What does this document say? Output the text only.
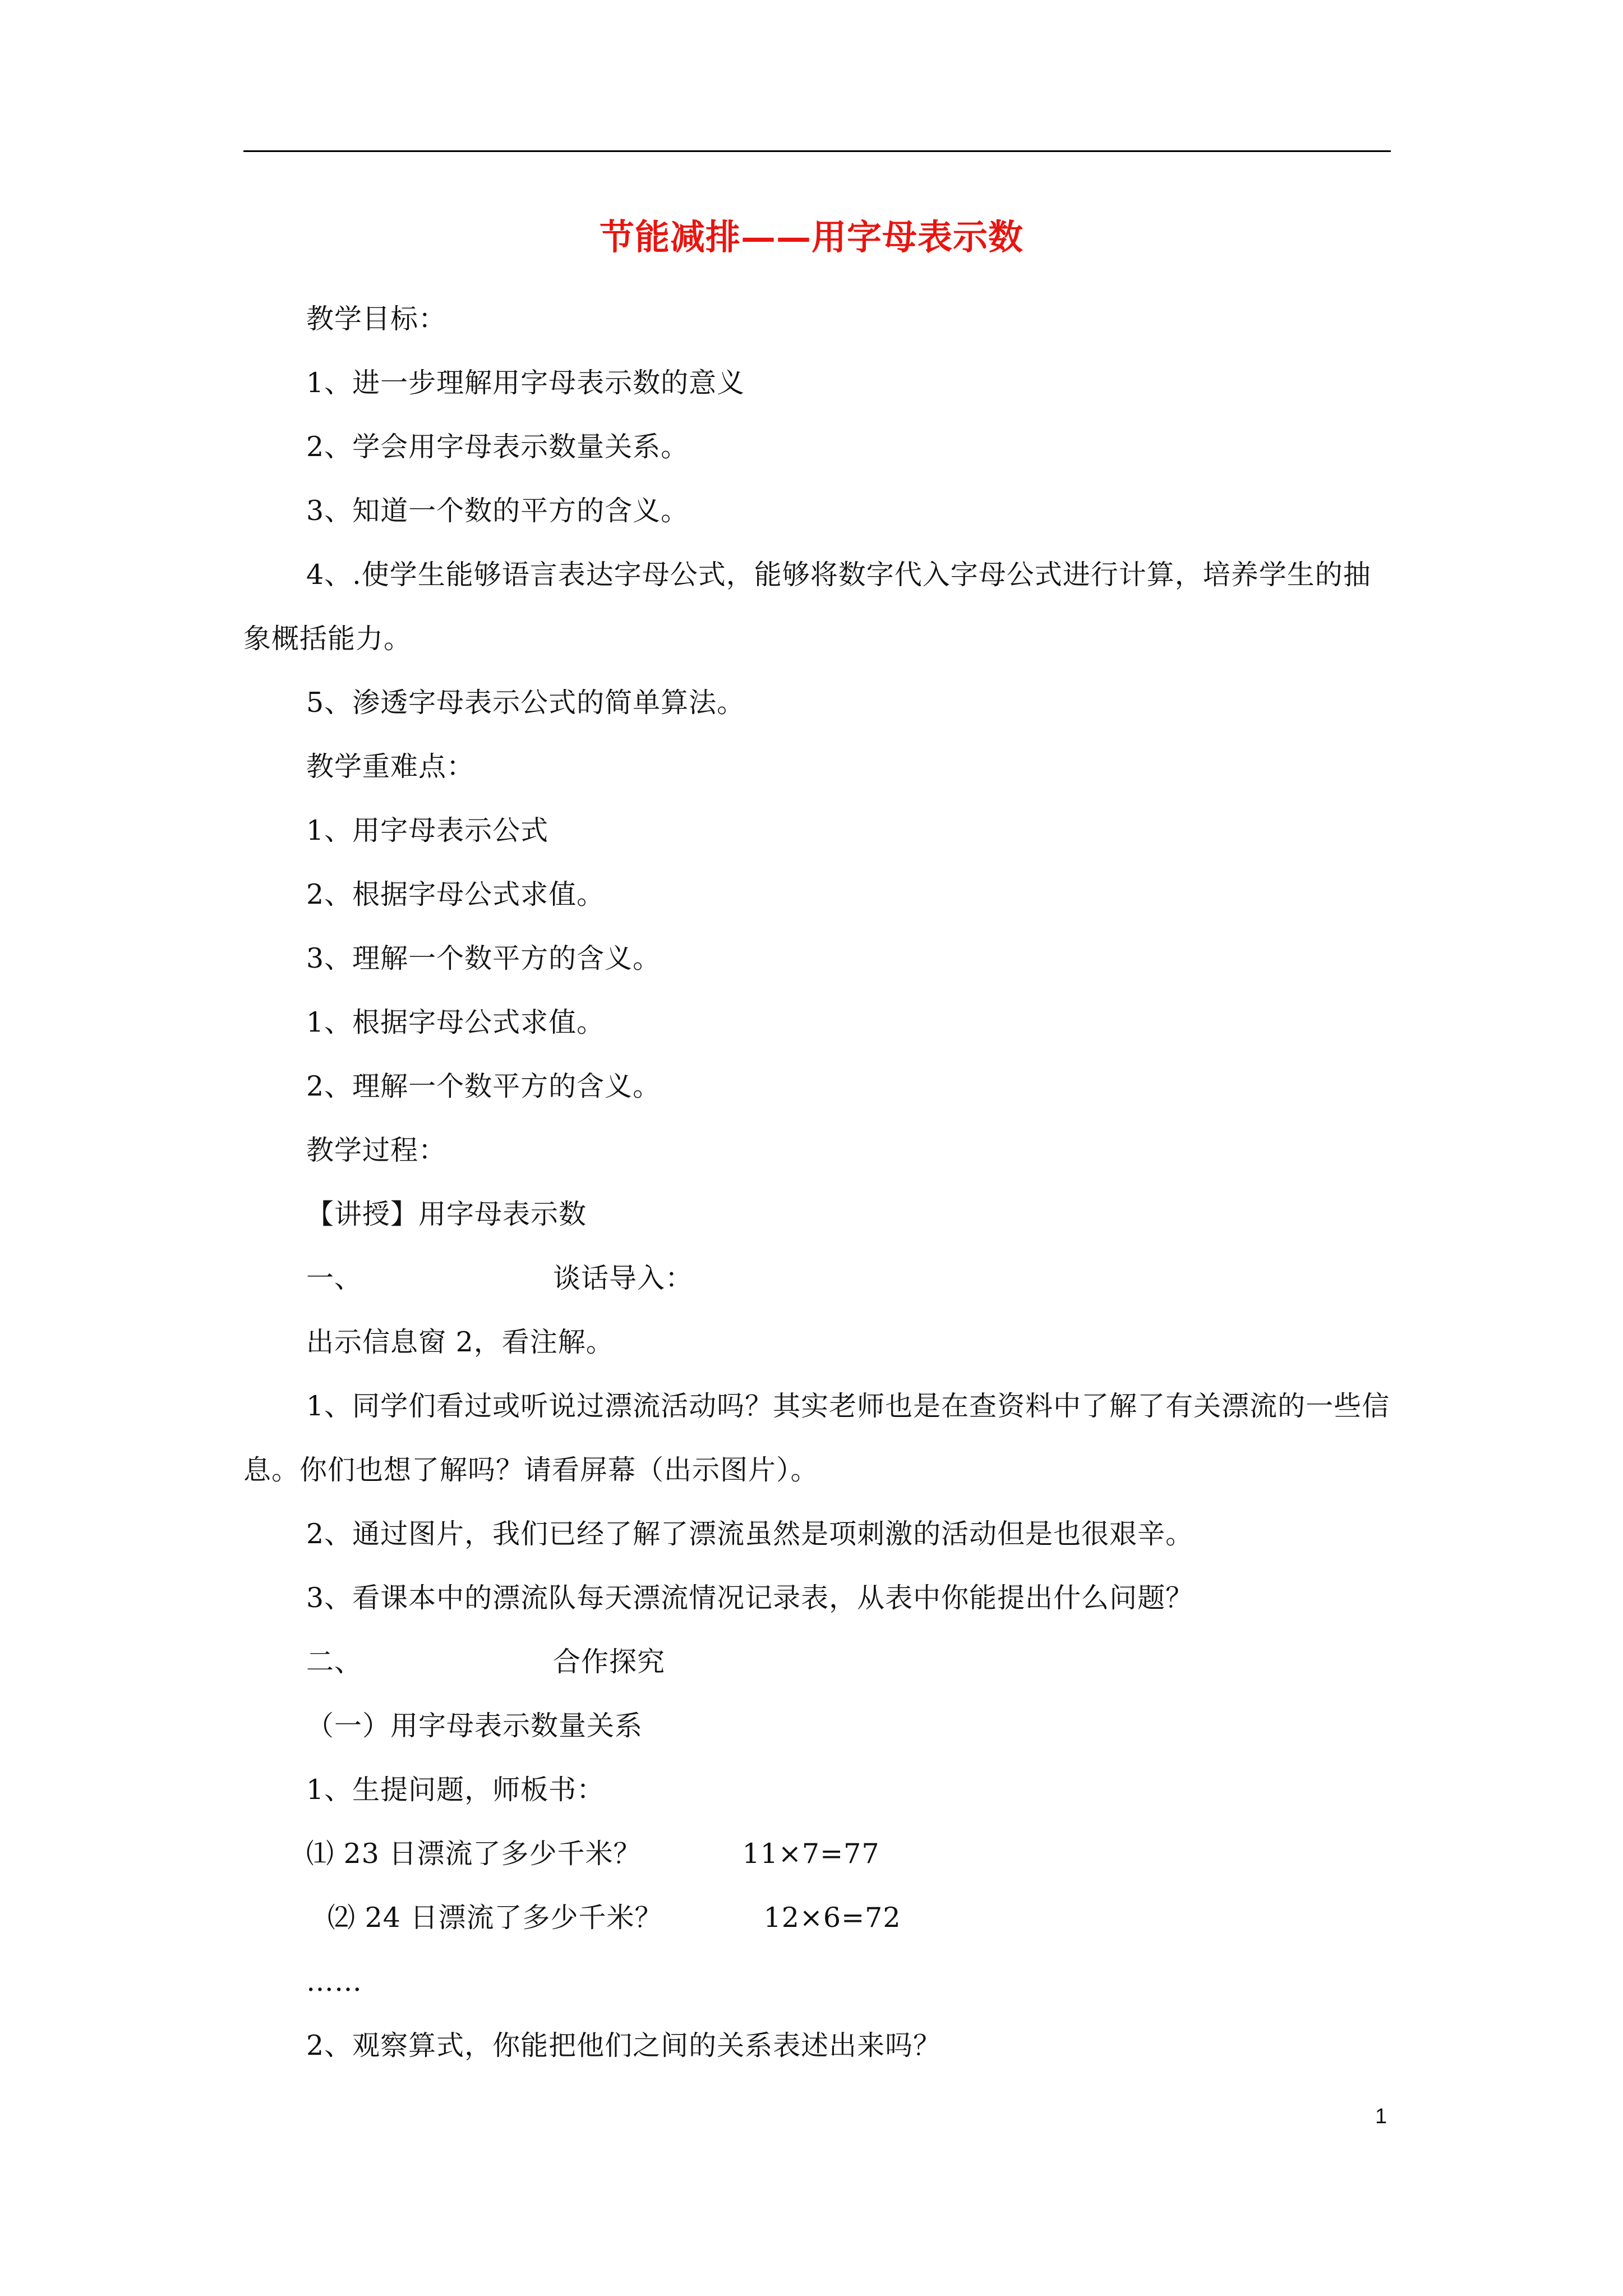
节能减排——用字母表示数

教学目标：

1、进一步理解用字母表示数的意义

2、学会用字母表示数量关系。

3、知道一个数的平方的含义。

4、.使学生能够语言表达字母公式，能够将数字代入字母公式进行计算，培养学生的抽象概括能力。

5、渗透字母表示公式的简单算法。

教学重难点：

1、用字母表示公式

2、根据字母公式求值。

3、理解一个数平方的含义。

1、根据字母公式求值。

2、理解一个数平方的含义。

教学过程：

【讲授】用字母表示数

一、	谈话导入：

出示信息窗 2，看注解。

1、同学们看过或听说过漂流活动吗？其实老师也是在查资料中了解了有关漂流的一些信息。你们也想了解吗？请看屏幕（出示图片）。

2、通过图片，我们已经了解了漂流虽然是项刺激的活动但是也很艰辛。

3、看课本中的漂流队每天漂流情况记录表，从表中你能提出什么问题？

二、	合作探究

（一）用字母表示数量关系

1、生提问题，师板书：

⑴ 23 日漂流了多少千米？	11×7=77

⑵ 24 日漂流了多少千米？	12×6=72

……

2、观察算式，你能把他们之间的关系表述出来吗？

1
